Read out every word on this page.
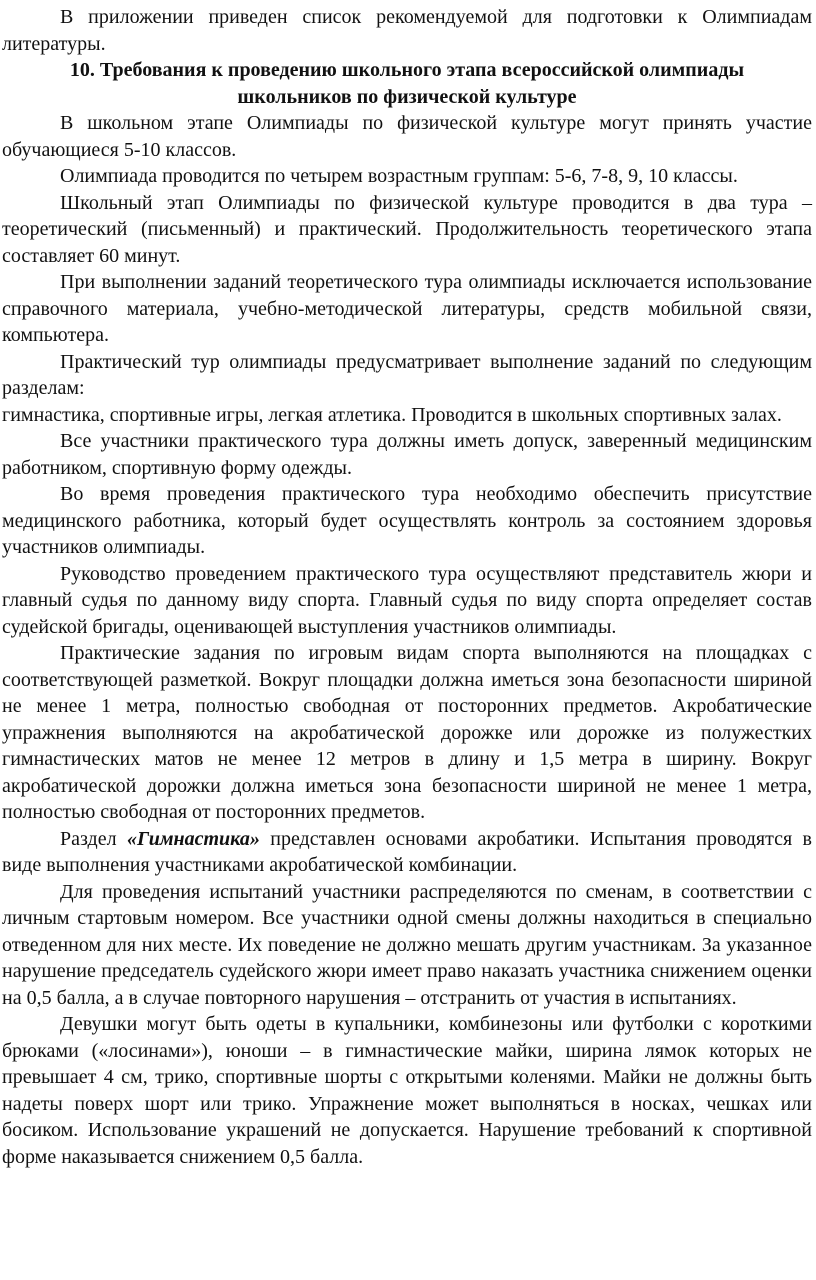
В приложении приведен список рекомендуемой для подготовки к Олимпиадам литературы.

10. Требования к проведению школьного этапа всероссийской олимпиады школьников по физической культуре

В школьном этапе Олимпиады по физической культуре могут принять участие обучающиеся 5-10 классов.

Олимпиада проводится по четырем возрастным группам: 5-6, 7-8, 9, 10 классы.

Школьный этап Олимпиады по физической культуре проводится в два тура – теоретический (письменный) и практический. Продолжительность теоретического этапа составляет 60 минут.

При выполнении заданий теоретического тура олимпиады исключается использование справочного материала, учебно-методической литературы, средств мобильной связи, компьютера.

Практический тур олимпиады предусматривает выполнение заданий по следующим разделам:

гимнастика, спортивные игры, легкая атлетика. Проводится в школьных спортивных залах.

Все участники практического тура должны иметь допуск, заверенный медицинским работником, спортивную форму одежды.

Во время проведения практического тура необходимо обеспечить присутствие медицинского работника, который будет осуществлять контроль за состоянием здоровья участников олимпиады.

Руководство проведением практического тура осуществляют представитель жюри и главный судья по данному виду спорта. Главный судья по виду спорта определяет состав судейской бригады, оценивающей выступления участников олимпиады.

Практические задания по игровым видам спорта выполняются на площадках с соответствующей разметкой. Вокруг площадки должна иметься зона безопасности шириной не менее 1 метра, полностью свободная от посторонних предметов. Акробатические упражнения выполняются на акробатической дорожке или дорожке из полужестких гимнастических матов не менее 12 метров в длину и 1,5 метра в ширину. Вокруг акробатической дорожки должна иметься зона безопасности шириной не менее 1 метра, полностью свободная от посторонних предметов.

Раздел «Гимнастика» представлен основами акробатики. Испытания проводятся в виде выполнения участниками акробатической комбинации.

Для проведения испытаний участники распределяются по сменам, в соответствии с личным стартовым номером. Все участники одной смены должны находиться в специально отведенном для них месте. Их поведение не должно мешать другим участникам. За указанное нарушение председатель судейского жюри имеет право наказать участника снижением оценки на 0,5 балла, а в случае повторного нарушения – отстранить от участия в испытаниях.

Девушки могут быть одеты в купальники, комбинезоны или футболки с короткими брюками («лосинами»), юноши – в гимнастические майки, ширина лямок которых не превышает 4 см, трико, спортивные шорты с открытыми коленями. Майки не должны быть надеты поверх шорт или трико. Упражнение может выполняться в носках, чешках или босиком. Использование украшений не допускается. Нарушение требований к спортивной форме наказывается снижением 0,5 балла.
